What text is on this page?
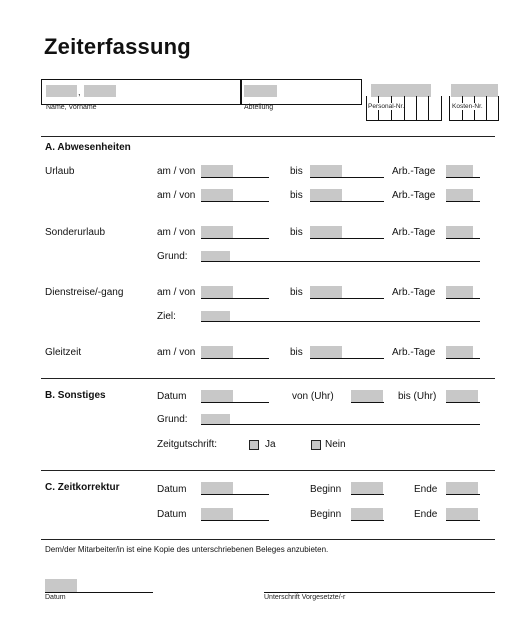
Zeiterfassung
,
Name, Vorname	Abteilung	Personal-Nr.	Kosten-Nr.
A. Abwesenheiten
Urlaub	am / von	bis	Arb.-Tage
am / von	bis	Arb.-Tage
Sonderurlaub	am / von	bis	Arb.-Tage
Grund:
Dienstreise/-gang	am / von	bis	Arb.-Tage
Ziel:
Gleitzeit	am / von	bis	Arb.-Tage
B. Sonstiges	Datum	von (Uhr)	bis (Uhr)
Grund:
Zeitgutschrift:	Ja	Nein
C. Zeitkorrektur	Datum	Beginn	Ende
Datum	Beginn	Ende
Dem/der Mitarbeiter/in ist eine Kopie des unterschriebenen Beleges anzubieten.
Datum	Unterschrift Vorgesetzte/-r
